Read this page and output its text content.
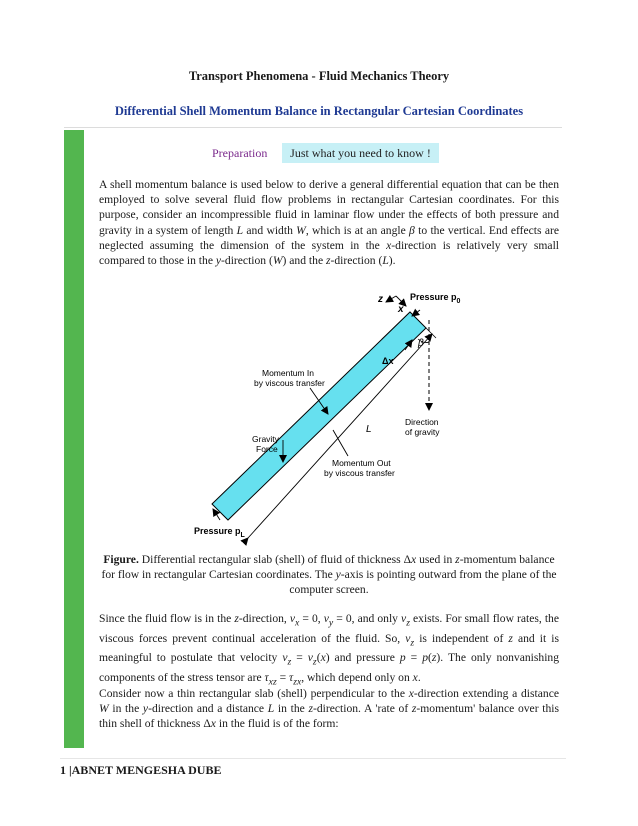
Transport Phenomena - Fluid Mechanics Theory
Differential Shell Momentum Balance in Rectangular Cartesian Coordinates
Preparation	Just what you need to know !
A shell momentum balance is used below to derive a general differential equation that can be then employed to solve several fluid flow problems in rectangular Cartesian coordinates. For this purpose, consider an incompressible fluid in laminar flow under the effects of both pressure and gravity in a system of length L and width W, which is at an angle β to the vertical. End effects are neglected assuming the dimension of the system in the x-direction is relatively very small compared to those in the y-direction (W) and the z-direction (L).
z
x
Pressure $p_0$
β
Δx
Momentum In
by viscous transfer
Direction
of gravity
L
Gravity
Force
Momentum Out
by viscous transfer
Pressure $p_L$
Figure. Differential rectangular slab (shell) of fluid of thickness Δx used in z-momentum balance for flow in rectangular Cartesian coordinates. The y-axis is pointing outward from the plane of the computer screen.
Since the fluid flow is in the z-direction, $v_x = 0$, $v_y = 0$, and only $v_z$ exists. For small flow rates, the viscous forces prevent continual acceleration of the fluid. So, $v_z$ is independent of z and it is meaningful to postulate that velocity $v_z = v_z(x)$ and pressure p = p(z). The only nonvanishing components of the stress tensor are $\tau_{xz} = \tau_{zx}$, which depend only on x.
Consider now a thin rectangular slab (shell) perpendicular to the x-direction extending a distance W in the y-direction and a distance L in the z-direction. A 'rate of z-momentum' balance over this thin shell of thickness Δx in the fluid is of the form:
1 |ABNET MENGESHA DUBE
